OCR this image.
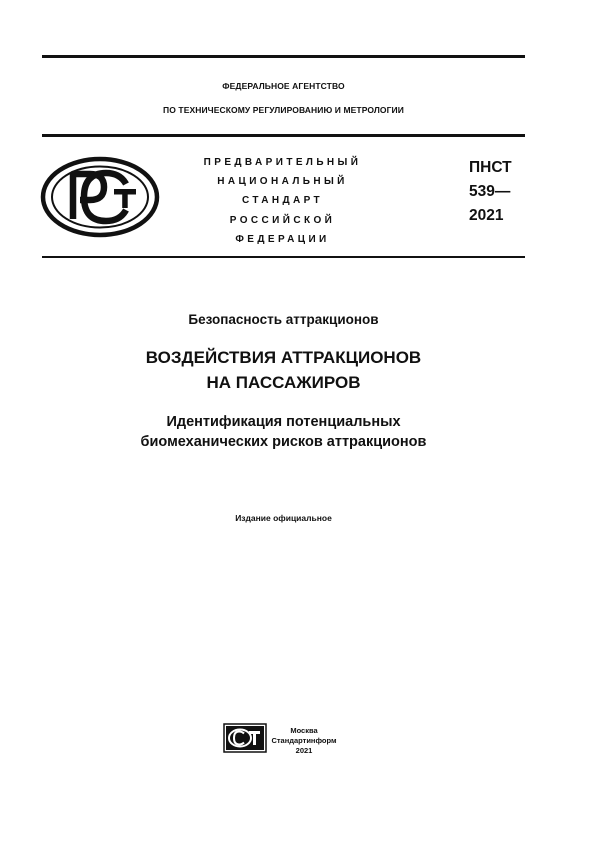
ФЕДЕРАЛЬНОЕ АГЕНТСТВО
ПО ТЕХНИЧЕСКОМУ РЕГУЛИРОВАНИЮ И МЕТРОЛОГИИ
ПРЕДВАРИТЕЛЬНЫЙ
НАЦИОНАЛЬНЫЙ
СТАНДАРТ
РОССИЙСКОЙ
ФЕДЕРАЦИИ
ПНСТ
539—
2021
Безопасность аттракционов
ВОЗДЕЙСТВИЯ АТТРАКЦИОНОВ
НА ПАССАЖИРОВ
Идентификация потенциальных
биомеханических рисков аттракционов
Издание официальное
Москва
Стандартинформ
2021
